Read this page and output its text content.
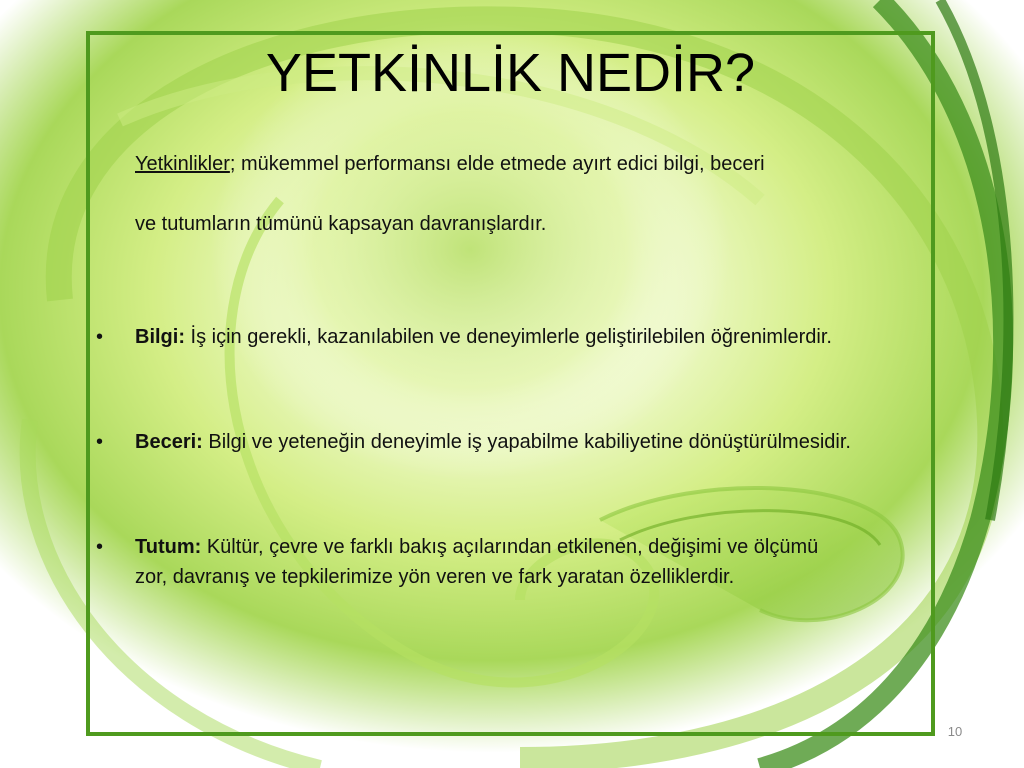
YETKİNLİK NEDİR?
Yetkinlikler; mükemmel performansı elde etmede ayırt edici bilgi, beceri
ve tutumların tümünü kapsayan davranışlardır.
•	Bilgi: İş için gerekli, kazanılabilen ve deneyimlerle geliştirilebilen öğrenimlerdir.
•	Beceri: Bilgi ve yeteneğin deneyimle iş yapabilme kabiliyetine dönüştürülmesidir.
•	Tutum: Kültür, çevre ve farklı bakış açılarından etkilenen, değişimi ve ölçümü zor, davranış ve tepkilerimize yön veren ve fark yaratan özelliklerdir.
10
